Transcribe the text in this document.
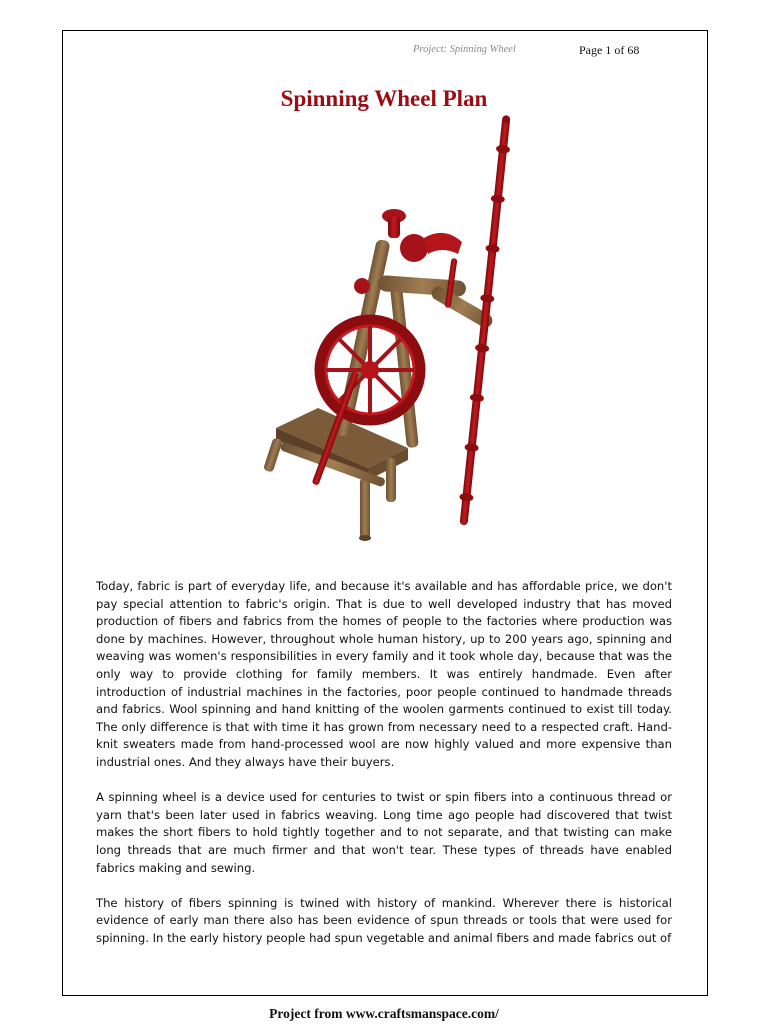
Project: Spinning Wheel	Page 1 of 68
Spinning Wheel Plan

Today, fabric is part of everyday life, and because it's available and has affordable price, we don't pay special attention to fabric's origin. That is due to well developed industry that has moved production of fibers and fabrics from the homes of people to the factories where production was done by machines. However, throughout whole human history, up to 200 years ago, spinning and weaving was women's responsibilities in every family and it took whole day, because that was the only way to provide clothing for family members. It was entirely handmade. Even after introduction of industrial machines in the factories, poor people continued to handmade threads and fabrics. Wool spinning and hand knitting of the woolen garments continued to exist till today. The only difference is that with time it has grown from necessary need to a respected craft. Hand-knit sweaters made from hand-processed wool are now highly valued and more expensive than industrial ones. And they always have their buyers.

A spinning wheel is a device used for centuries to twist or spin fibers into a continuous thread or yarn that's been later used in fabrics weaving. Long time ago people had discovered that twist makes the short fibers to hold tightly together and to not separate, and that twisting can make long threads that are much firmer and that won't tear. These types of threads have enabled fabrics making and sewing.

The history of fibers spinning is twined with history of mankind. Wherever there is historical evidence of early man there also has been evidence of spun threads or tools that were used for spinning. In the early history people had spun vegetable and animal fibers and made fabrics out of

Project from www.craftsmanspace.com/
